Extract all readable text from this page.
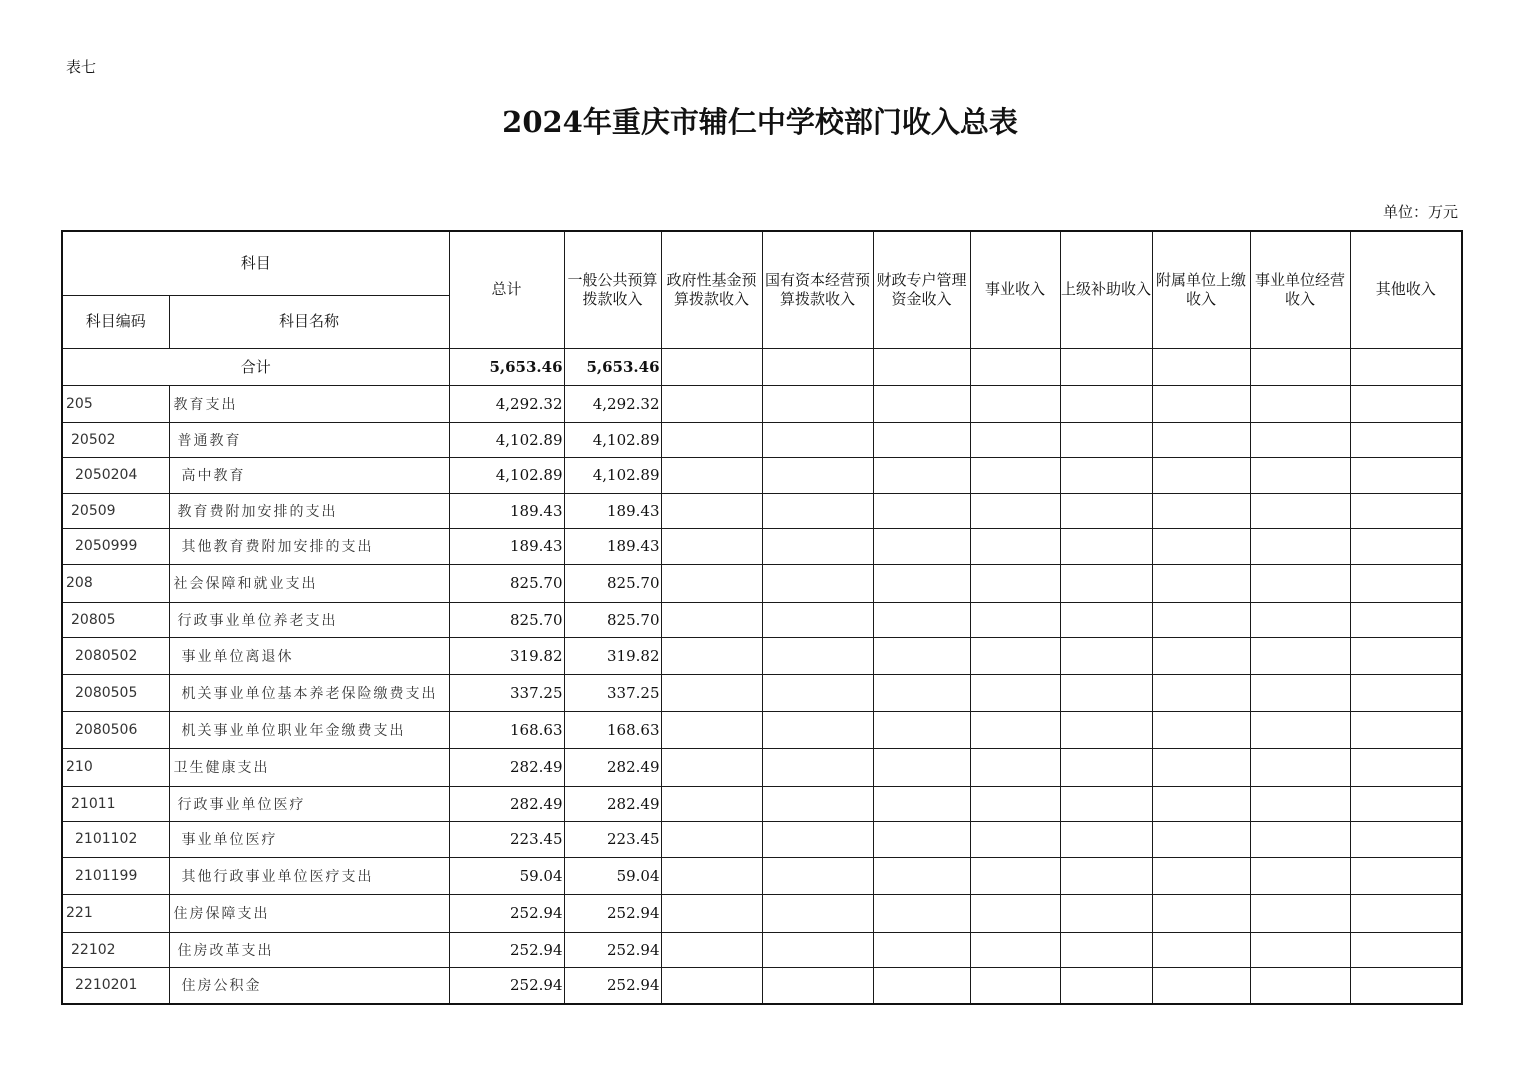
表七
2024年重庆市辅仁中学校部门收入总表
单位：万元
科目		总计	一般公共预算拨款收入	政府性基金预算拨款收入	国有资本经营预算拨款收入	财政专户管理资金收入	事业收入	上级补助收入	附属单位上缴收入	事业单位经营收入	其他收入
科目编码	科目名称										
合计		5,653.46	5,653.46								
205	教育支出	4,292.32	4,292.32								
20502	普通教育	4,102.89	4,102.89								
2050204	高中教育	4,102.89	4,102.89								
20509	教育费附加安排的支出	189.43	189.43								
2050999	其他教育费附加安排的支出	189.43	189.43								
208	社会保障和就业支出	825.70	825.70								
20805	行政事业单位养老支出	825.70	825.70								
2080502	事业单位离退休	319.82	319.82								
2080505	机关事业单位基本养老保险缴费支出	337.25	337.25								
2080506	机关事业单位职业年金缴费支出	168.63	168.63								
210	卫生健康支出	282.49	282.49								
21011	行政事业单位医疗	282.49	282.49								
2101102	事业单位医疗	223.45	223.45								
2101199	其他行政事业单位医疗支出	59.04	59.04								
221	住房保障支出	252.94	252.94								
22102	住房改革支出	252.94	252.94								
2210201	住房公积金	252.94	252.94								
